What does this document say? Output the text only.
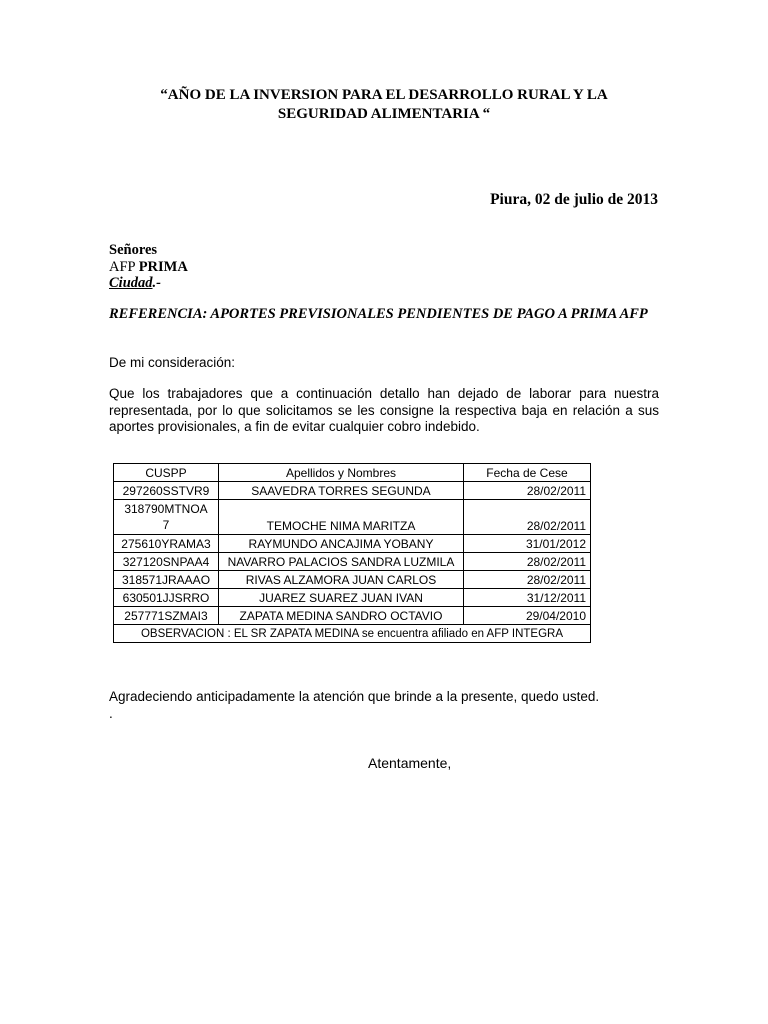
“AÑO DE LA INVERSION PARA EL DESARROLLO RURAL Y LA
SEGURIDAD ALIMENTARIA “
Piura, 02 de julio de 2013
Señores
AFP PRIMA
Ciudad.-
REFERENCIA: APORTES PREVISIONALES PENDIENTES DE PAGO A PRIMA AFP
De mi consideración:
Que los trabajadores que a continuación detallo han dejado de laborar para nuestra representada, por lo que solicitamos se les consigne la respectiva baja en relación a sus aportes provisionales, a fin de evitar cualquier cobro indebido.
CUSPP	Apellidos y Nombres	Fecha de Cese
297260SSTVR9	SAAVEDRA TORRES SEGUNDA	28/02/2011

318790MTNOA
7	TEMOCHE NIMA MARITZA	28/02/2011
275610YRAMA3	RAYMUNDO ANCAJIMA YOBANY	31/01/2012
327120SNPAA4	NAVARRO PALACIOS SANDRA LUZMILA	28/02/2011
318571JRAAAO	RIVAS ALZAMORA JUAN CARLOS	28/02/2011
630501JJSRRO	JUAREZ SUAREZ JUAN IVAN	31/12/2011
257771SZMAI3	ZAPATA MEDINA SANDRO OCTAVIO	29/04/2010
OBSERVACION : EL SR ZAPATA MEDINA se encuentra afiliado en AFP INTEGRA		
Agradeciendo anticipadamente la atención que brinde a la presente, quedo usted.
.
Atentamente,
